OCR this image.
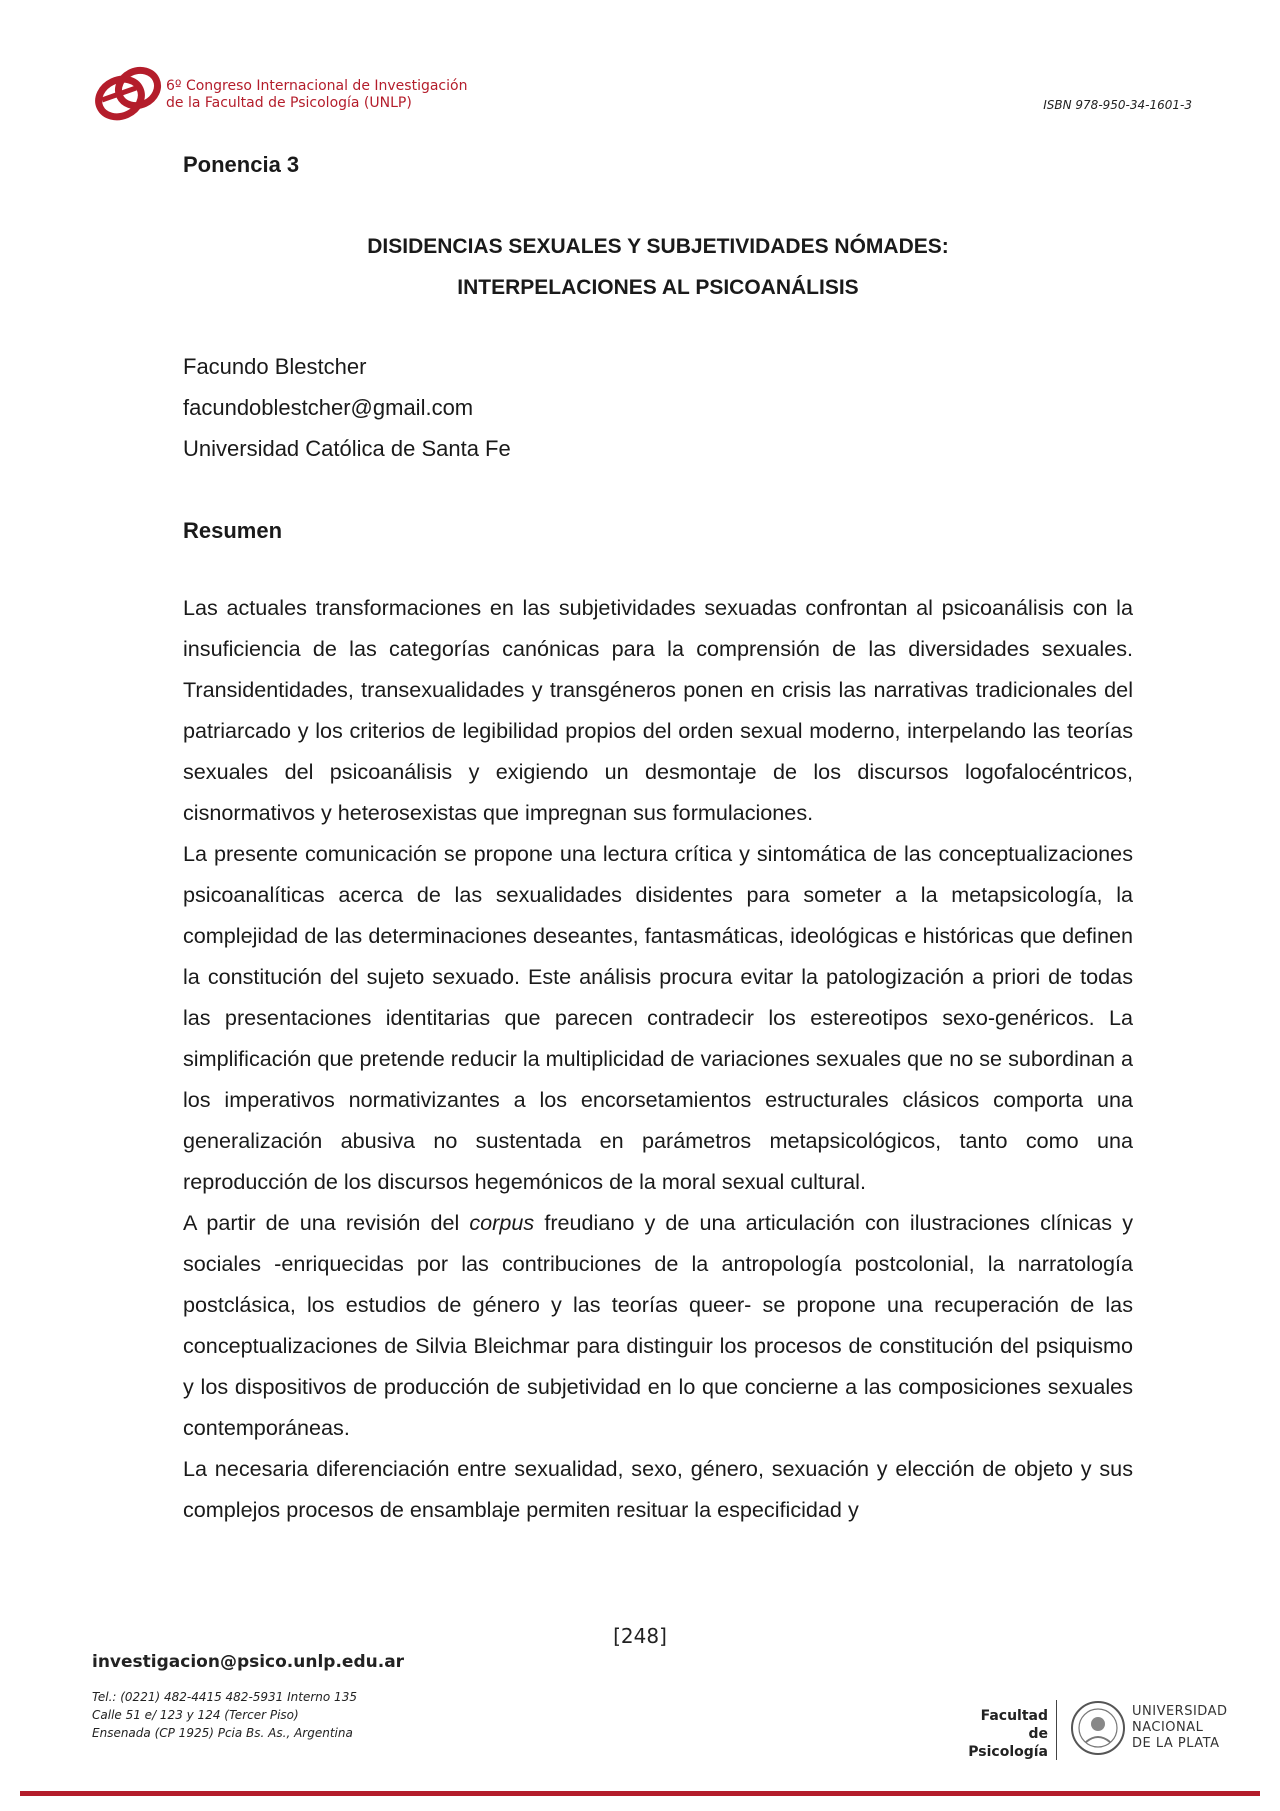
6º Congreso Internacional de Investigación
de la Facultad de Psicología (UNLP)	ISBN 978-950-34-1601-3

Ponencia 3

DISIDENCIAS SEXUALES Y SUBJETIVIDADES NÓMADES:
INTERPELACIONES AL PSICOANÁLISIS
Facundo Blestcher
facundoblestcher@gmail.com
Universidad Católica de Santa Fe
Resumen

Las actuales transformaciones en las subjetividades sexuadas confrontan al psicoanálisis con la insuficiencia de las categorías canónicas para la comprensión de las diversidades sexuales. Transidentidades, transexualidades y transgéneros ponen en crisis las narrativas tradicionales del patriarcado y los criterios de legibilidad propios del orden sexual moderno, interpelando las teorías sexuales del psicoanálisis y exigiendo un desmontaje de los discursos logofalocéntricos, cisnormativos y heterosexistas que impregnan sus formulaciones.

La presente comunicación se propone una lectura crítica y sintomática de las conceptualizaciones psicoanalíticas acerca de las sexualidades disidentes para someter a la metapsicología, la complejidad de las determinaciones deseantes, fantasmáticas, ideológicas e históricas que definen la constitución del sujeto sexuado. Este análisis procura evitar la patologización a priori de todas las presentaciones identitarias que parecen contradecir los estereotipos sexo-genéricos. La simplificación que pretende reducir la multiplicidad de variaciones sexuales que no se subordinan a los imperativos normativizantes a los encorsetamientos estructurales clásicos comporta una generalización abusiva no sustentada en parámetros metapsicológicos, tanto como una reproducción de los discursos hegemónicos de la moral sexual cultural.

A partir de una revisión del corpus freudiano y de una articulación con ilustraciones clínicas y sociales -enriquecidas por las contribuciones de la antropología postcolonial, la narratología postclásica, los estudios de género y las teorías queer- se propone una recuperación de las conceptualizaciones de Silvia Bleichmar para distinguir los procesos de constitución del psiquismo y los dispositivos de producción de subjetividad en lo que concierne a las composiciones sexuales contemporáneas.

La necesaria diferenciación entre sexualidad, sexo, género, sexuación y elección de objeto y sus complejos procesos de ensamblaje permiten resituar la especificidad y

[248]
investigacion@psico.unlp.edu.ar
Tel.: (0221) 482-4415 482-5931 Interno 135
Calle 51 e/ 123 y 124 (Tercer Piso)
Ensenada (CP 1925) Pcia Bs. As., Argentina
Facultad de
Psicología
UNIVERSIDAD
NACIONAL
DE LA PLATA
